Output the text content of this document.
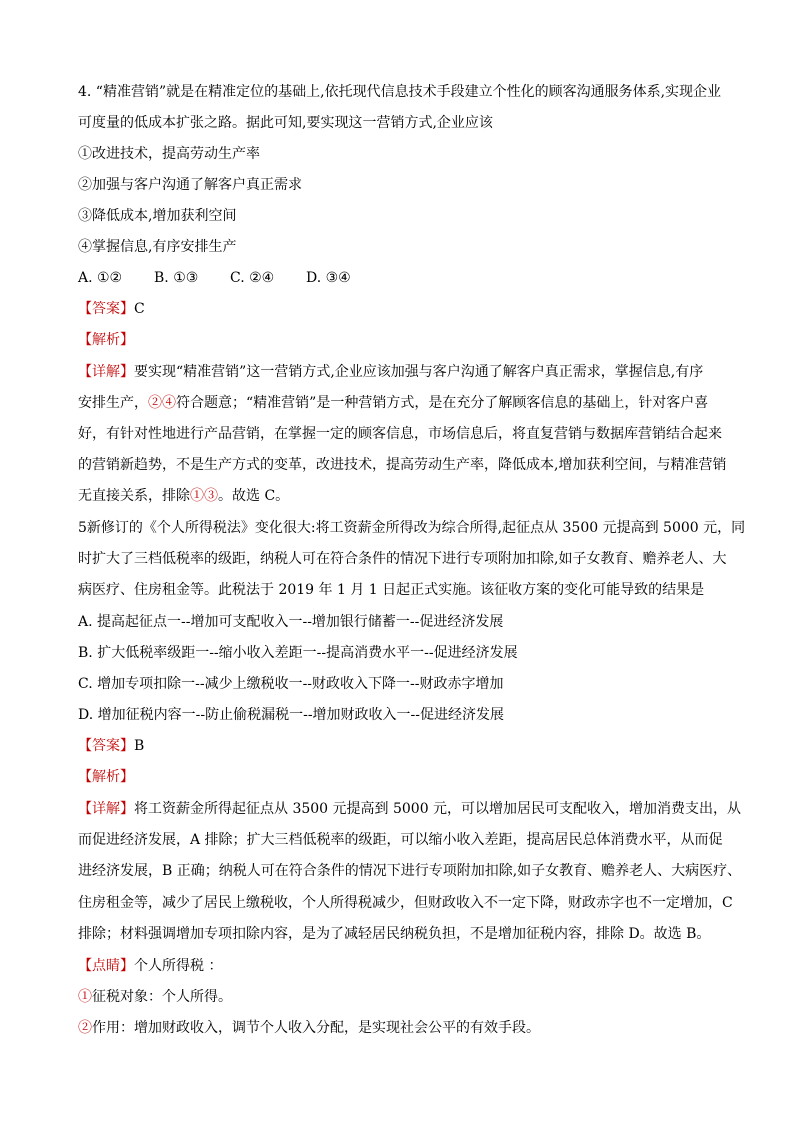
4. “精准营销”就是在精准定位的基础上,依托现代信息技术手段建立个性化的顾客沟通服务体系,实现企业
可度量的低成本扩张之路。据此可知,要实现这一营销方式,企业应该
①改进技术，提高劳动生产率
②加强与客户沟通了解客户真正需求
③降低成本,增加获利空间
④掌握信息,有序安排生产
A. ①② B. ①③ C. ②④ D. ③④
【答案】C
【解析】
【详解】要实现“精准营销”这一营销方式,企业应该加强与客户沟通了解客户真正需求，掌握信息,有序
安排生产，②④符合题意；“精准营销”是一种营销方式，是在充分了解顾客信息的基础上，针对客户喜
好，有针对性地进行产品营销，在掌握一定的顾客信息，市场信息后，将直复营销与数据库营销结合起来
的营销新趋势，不是生产方式的变革，改进技术，提高劳动生产率，降低成本,增加获利空间，与精准营销
无直接关系，排除①③。故选 C。
5新修订的《个人所得税法》变化很大:将工资薪金所得改为综合所得,起征点从 3500 元提高到 5000 元，同
时扩大了三档低税率的级距，纳税人可在符合条件的情况下进行专项附加扣除,如子女教育、赡养老人、大
病医疗、住房租金等。此税法于 2019 年 1 月 1 日起正式实施。该征收方案的变化可能导致的结果是
A. 提高起征点一--增加可支配收入一--增加银行储蓄一--促进经济发展
B. 扩大低税率级距一--缩小收入差距一--提高消费水平一--促进经济发展
C. 增加专项扣除一--减少上缴税收一--财政收入下降一--财政赤字增加
D. 增加征税内容一--防止偷税漏税一--增加财政收入一--促进经济发展
【答案】B
【解析】
【详解】将工资薪金所得起征点从 3500 元提高到 5000 元，可以增加居民可支配收入，增加消费支出，从
而促进经济发展，A 排除；扩大三档低税率的级距，可以缩小收入差距，提高居民总体消费水平，从而促
进经济发展，B 正确；纳税人可在符合条件的情况下进行专项附加扣除,如子女教育、赡养老人、大病医疗、
住房租金等，减少了居民上缴税收，个人所得税减少，但财政收入不一定下降，财政赤字也不一定增加，C
排除；材料强调增加专项扣除内容，是为了减轻居民纳税负担，不是增加征税内容，排除 D。故选 B。
【点睛】个人所得税 ：
①征税对象：个人所得。
②作用：增加财政收入，调节个人收入分配，是实现社会公平的有效手段。
